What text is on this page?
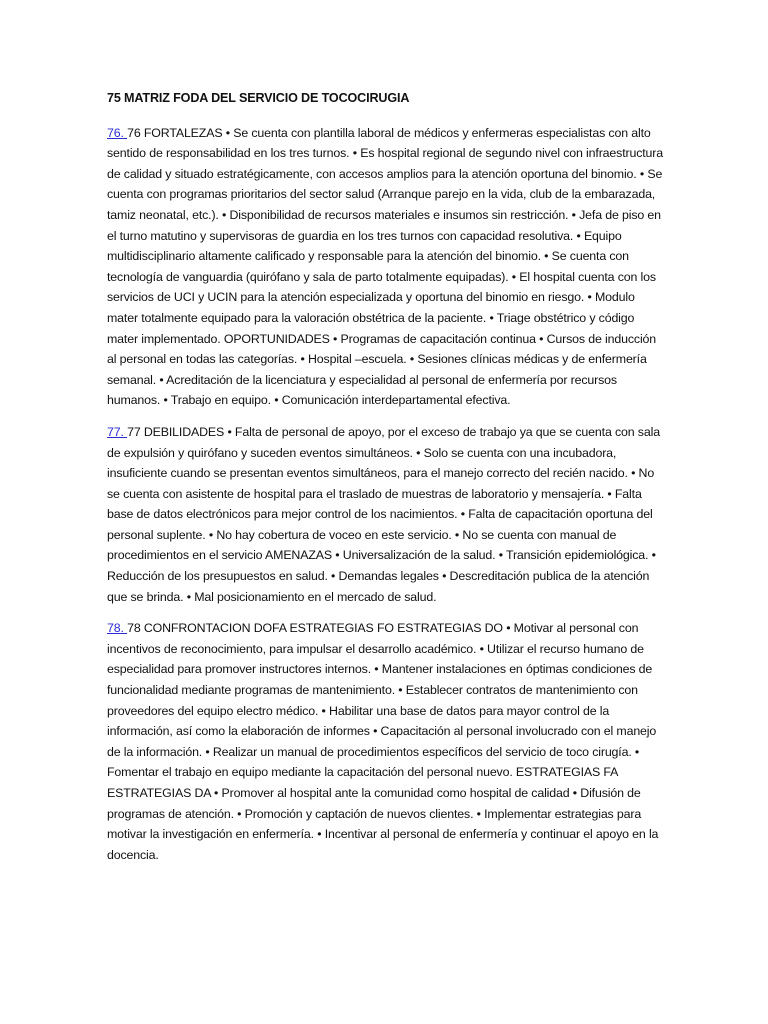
75 MATRIZ FODA DEL SERVICIO DE TOCOCIRUGIA

76. 76 FORTALEZAS • Se cuenta con plantilla laboral de médicos y enfermeras especialistas con alto sentido de responsabilidad en los tres turnos. • Es hospital regional de segundo nivel con infraestructura de calidad y situado estratégicamente, con accesos amplios para la atención oportuna del binomio. • Se cuenta con programas prioritarios del sector salud (Arranque parejo en la vida, club de la embarazada, tamiz neonatal, etc.). • Disponibilidad de recursos materiales e insumos sin restricción. • Jefa de piso en el turno matutino y supervisoras de guardia en los tres turnos con capacidad resolutiva. • Equipo multidisciplinario altamente calificado y responsable para la atención del binomio. • Se cuenta con tecnología de vanguardia (quirófano y sala de parto totalmente equipadas). • El hospital cuenta con los servicios de UCI y UCIN para la atención especializada y oportuna del binomio en riesgo. • Modulo mater totalmente equipado para la valoración obstétrica de la paciente. • Triage obstétrico y código mater implementado. OPORTUNIDADES • Programas de capacitación continua • Cursos de inducción al personal en todas las categorías. • Hospital –escuela. • Sesiones clínicas médicas y de enfermería semanal. • Acreditación de la licenciatura y especialidad al personal de enfermería por recursos humanos. • Trabajo en equipo. • Comunicación interdepartamental efectiva.

77. 77 DEBILIDADES • Falta de personal de apoyo, por el exceso de trabajo ya que se cuenta con sala de expulsión y quirófano y suceden eventos simultáneos. • Solo se cuenta con una incubadora, insuficiente cuando se presentan eventos simultáneos, para el manejo correcto del recién nacido. • No se cuenta con asistente de hospital para el traslado de muestras de laboratorio y mensajería. • Falta base de datos electrónicos para mejor control de los nacimientos. • Falta de capacitación oportuna del personal suplente. • No hay cobertura de voceo en este servicio. • No se cuenta con manual de procedimientos en el servicio AMENAZAS • Universalización de la salud. • Transición epidemiológica. • Reducción de los presupuestos en salud. • Demandas legales • Descreditación publica de la atención que se brinda. • Mal posicionamiento en el mercado de salud.

78. 78 CONFRONTACION DOFA ESTRATEGIAS FO ESTRATEGIAS DO • Motivar al personal con incentivos de reconocimiento, para impulsar el desarrollo académico. • Utilizar el recurso humano de especialidad para promover instructores internos. • Mantener instalaciones en óptimas condiciones de funcionalidad mediante programas de mantenimiento. • Establecer contratos de mantenimiento con proveedores del equipo electro médico. • Habilitar una base de datos para mayor control de la información, así como la elaboración de informes • Capacitación al personal involucrado con el manejo de la información. • Realizar un manual de procedimientos específicos del servicio de toco cirugía. • Fomentar el trabajo en equipo mediante la capacitación del personal nuevo. ESTRATEGIAS FA ESTRATEGIAS DA • Promover al hospital ante la comunidad como hospital de calidad • Difusión de programas de atención. • Promoción y captación de nuevos clientes. • Implementar estrategias para motivar la investigación en enfermería. • Incentivar al personal de enfermería y continuar el apoyo en la docencia.
